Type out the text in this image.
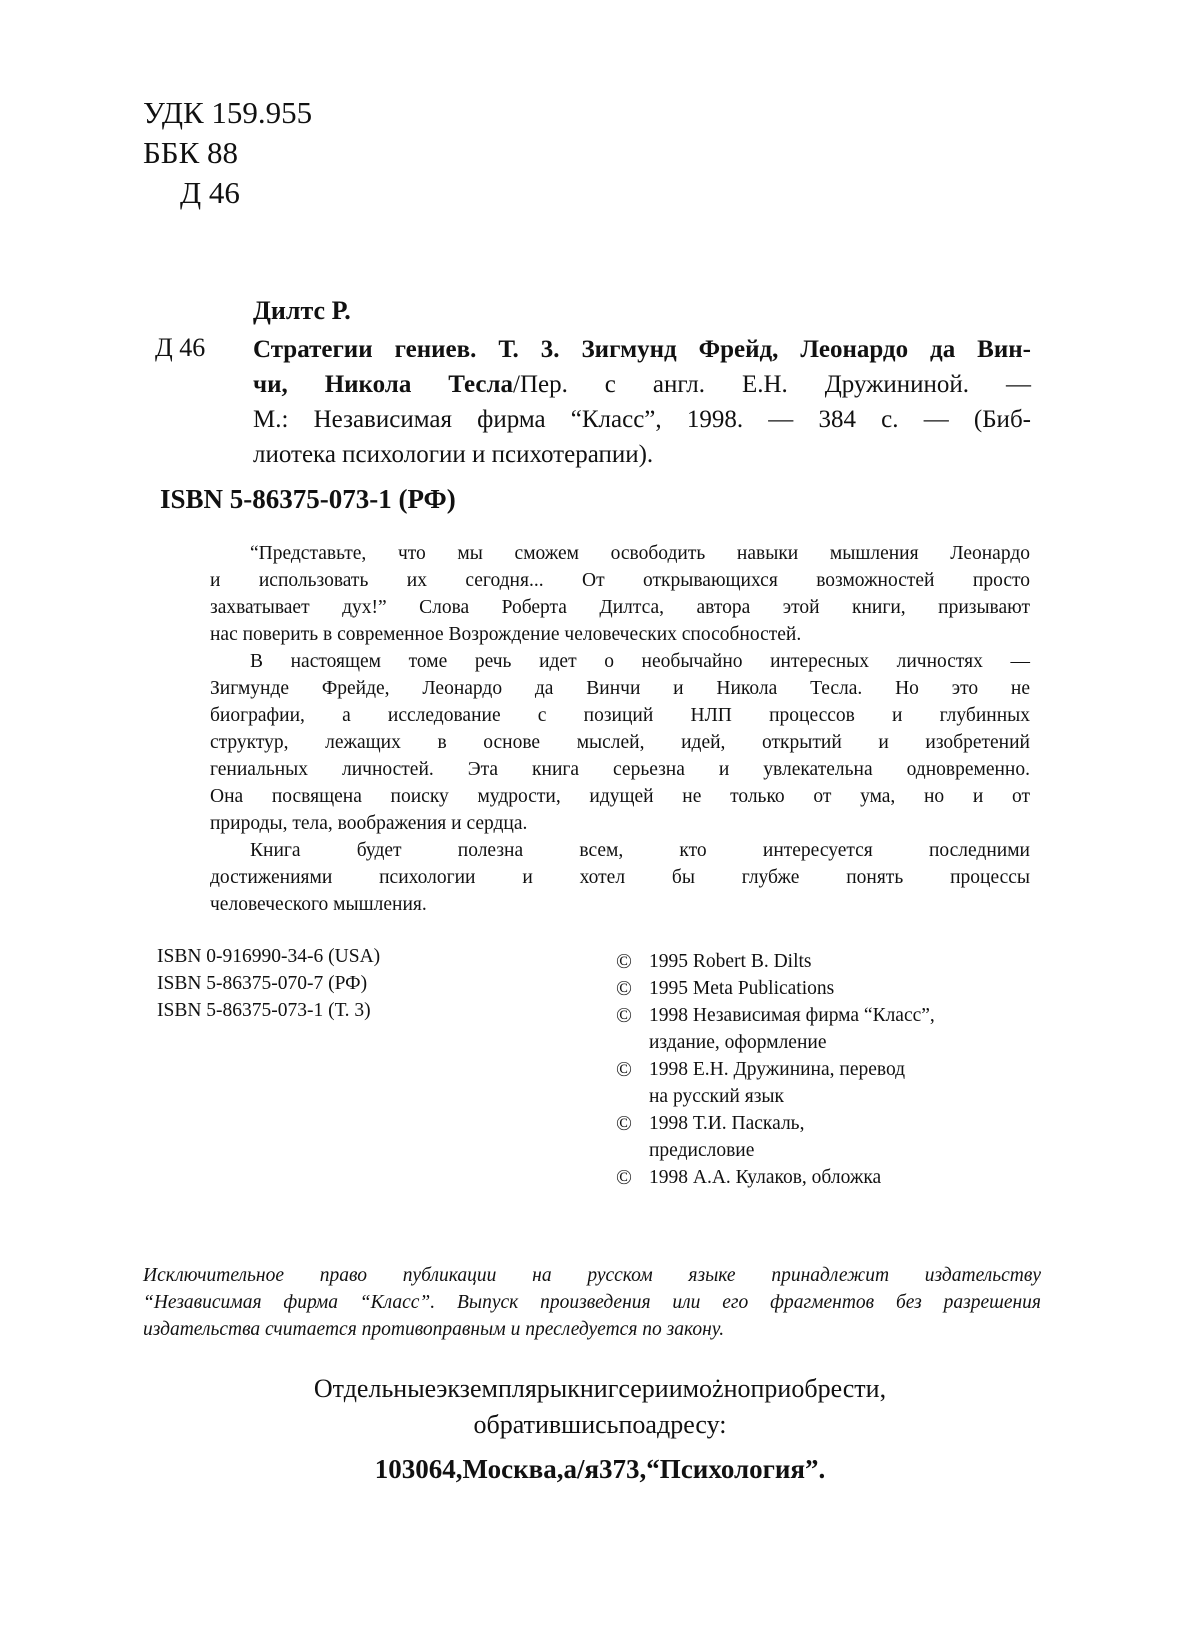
УДК 159.955
ББК 88
Д 46
Дилтс Р.
Д 46 Стратегии гениев. Т. 3. Зигмунд Фрейд, Леонардо да Вин-
чи, Никола Тесла/Пер. с англ. Е.Н. Дружининой. —
М.: Независимая фирма “Класс”, 1998. — 384 с. — (Биб-
лиотека психологии и психотерапии).
ISBN 5-86375-073-1 (РФ)
“Представьте, что мы сможем освободить навыки мышления Леонардо
и использовать их сегодня... От открывающихся возможностей просто
захватывает дух!” Слова Роберта Дилтса, автора этой книги, призывают
нас поверить в современное Возрождение человеческих способностей.
В настоящем томе речь идет о необычайно интересных личностях —
Зигмунде Фрейде, Леонардо да Винчи и Никола Тесла. Но это не
биографии, а исследование с позиций НЛП процессов и глубинных
структур, лежащих в основе мыслей, идей, открытий и изобретений
гениальных личностей. Эта книга серьезна и увлекательна одновременно.
Она посвящена поиску мудрости, идущей не только от ума, но и от
природы, тела, воображения и сердца.
Книга будет полезна всем, кто интересуется последними
достижениями психологии и хотел бы глубже понять процессы
человеческого мышления.
ISBN 0-916990-34-6 (USA)
ISBN 5-86375-070-7 (РФ)
ISBN 5-86375-073-1 (Т. 3)
© 1995 Robert B. Dilts
© 1995 Meta Publications
© 1998 Независимая фирма “Класс”,
издание, оформление
© 1998 Е.Н. Дружинина, перевод
на русский язык
© 1998 Т.И. Паскаль,
предисловие
© 1998 А.А. Кулаков, обложка
Исключительное право публикации на русском языке принадлежит издательству
“Независимая фирма “Класс”. Выпуск произведения или его фрагментов без разрешения
издательства считается противоправным и преследуется по закону.
Отдельныеэкземплярыкнигсериимożноприобрести,
обратившисьпоадресу:
103064,Москва,а/я373,“Психология”.
